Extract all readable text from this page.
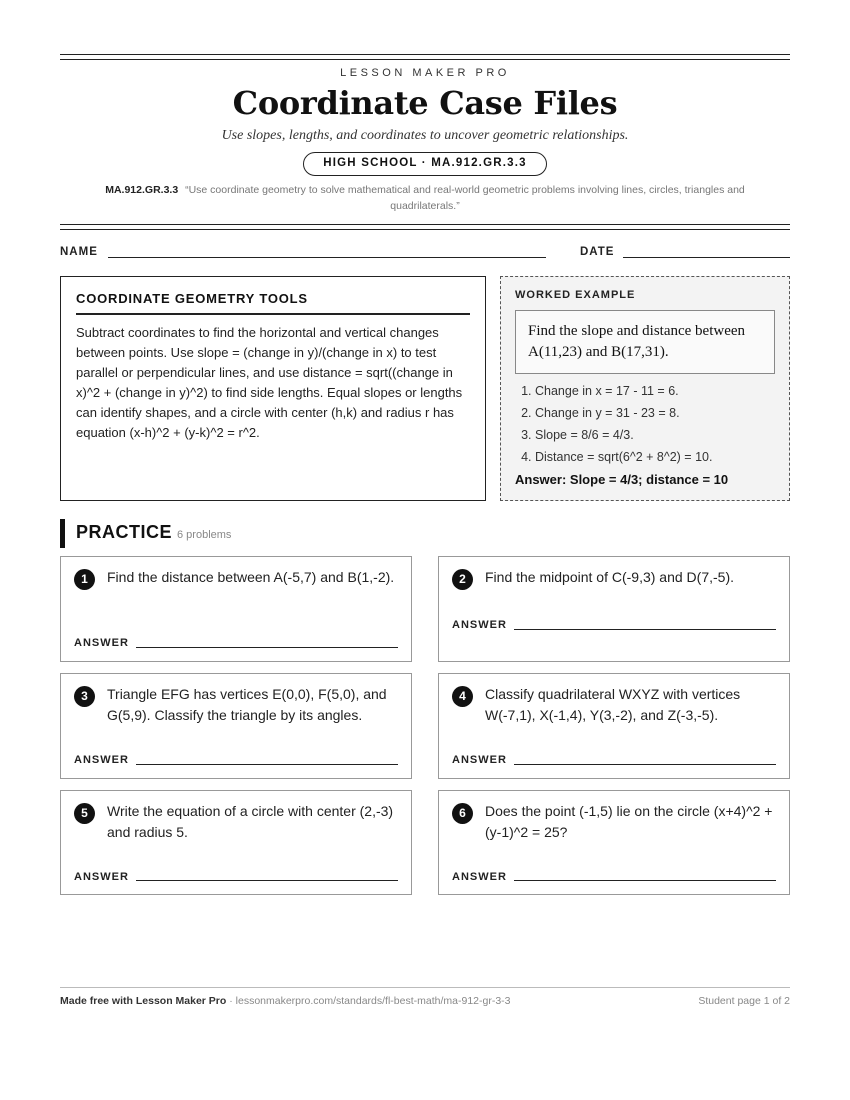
LESSON MAKER PRO
Coordinate Case Files
Use slopes, lengths, and coordinates to uncover geometric relationships.
HIGH SCHOOL · MA.912.GR.3.3
MA.912.GR.3.3 “Use coordinate geometry to solve mathematical and real-world geometric problems involving lines, circles, triangles and quadrilaterals.”
NAME	DATE
COORDINATE GEOMETRY TOOLS

Subtract coordinates to find the horizontal and vertical changes between points. Use slope = (change in y)/(change in x) to test parallel or perpendicular lines, and use distance = sqrt((change in x)^2 + (change in y)^2) to find side lengths. Equal slopes or lengths can identify shapes, and a circle with center (h,k) and radius r has equation (x-h)^2 + (y-k)^2 = r^2.

WORKED EXAMPLE
Find the slope and distance between A(11,23) and B(17,31).
1. Change in x = 17 - 11 = 6.
2. Change in y = 31 - 23 = 8.
3. Slope = 8/6 = 4/3.
4. Distance = sqrt(6^2 + 8^2) = 10.
Answer: Slope = 4/3; distance = 10
PRACTICE 6 problems
1	Find the distance between A(-5,7) and B(1,-2).
ANSWER
2	Find the midpoint of C(-9,3) and D(7,-5).
ANSWER
3	Triangle EFG has vertices E(0,0), F(5,0), and G(5,9). Classify the triangle by its angles.
ANSWER
4	Classify quadrilateral WXYZ with vertices W(-7,1), X(-1,4), Y(3,-2), and Z(-3,-5).
ANSWER
5	Write the equation of a circle with center (2,-3) and radius 5.
ANSWER
6	Does the point (-1,5) lie on the circle (x+4)^2 + (y-1)^2 = 25?
ANSWER
Made free with Lesson Maker Pro · lessonmakerpro.com/standards/fl-best-math/ma-912-gr-3-3	Student page 1 of 2
